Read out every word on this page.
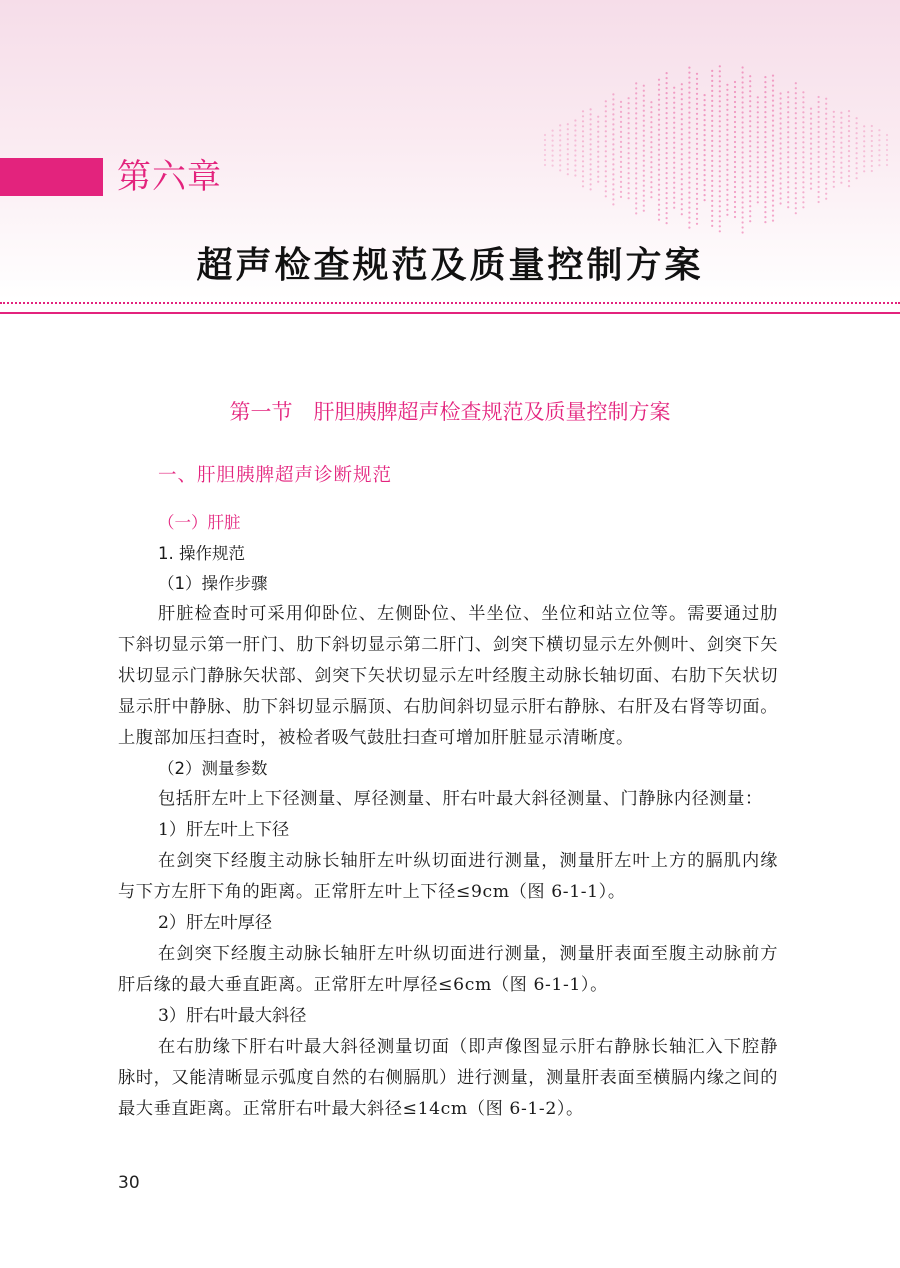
第六章
超声检查规范及质量控制方案
第一节　肝胆胰脾超声检查规范及质量控制方案
一、肝胆胰脾超声诊断规范
（一）肝脏
1. 操作规范
（1）操作步骤
肝脏检查时可采用仰卧位、左侧卧位、半坐位、坐位和站立位等。需要通过肋下斜切显示第一肝门、肋下斜切显示第二肝门、剑突下横切显示左外侧叶、剑突下矢状切显示门静脉矢状部、剑突下矢状切显示左叶经腹主动脉长轴切面、右肋下矢状切显示肝中静脉、肋下斜切显示膈顶、右肋间斜切显示肝右静脉、右肝及右肾等切面。上腹部加压扫查时，被检者吸气鼓肚扫查可增加肝脏显示清晰度。
（2）测量参数
包括肝左叶上下径测量、厚径测量、肝右叶最大斜径测量、门静脉内径测量：
1）肝左叶上下径
在剑突下经腹主动脉长轴肝左叶纵切面进行测量，测量肝左叶上方的膈肌内缘与下方左肝下角的距离。正常肝左叶上下径≤9cm（图 6-1-1）。
2）肝左叶厚径
在剑突下经腹主动脉长轴肝左叶纵切面进行测量，测量肝表面至腹主动脉前方肝后缘的最大垂直距离。正常肝左叶厚径≤6cm（图 6-1-1）。
3）肝右叶最大斜径
在右肋缘下肝右叶最大斜径测量切面（即声像图显示肝右静脉长轴汇入下腔静脉时，又能清晰显示弧度自然的右侧膈肌）进行测量，测量肝表面至横膈内缘之间的最大垂直距离。正常肝右叶最大斜径≤14cm（图 6-1-2）。
30
